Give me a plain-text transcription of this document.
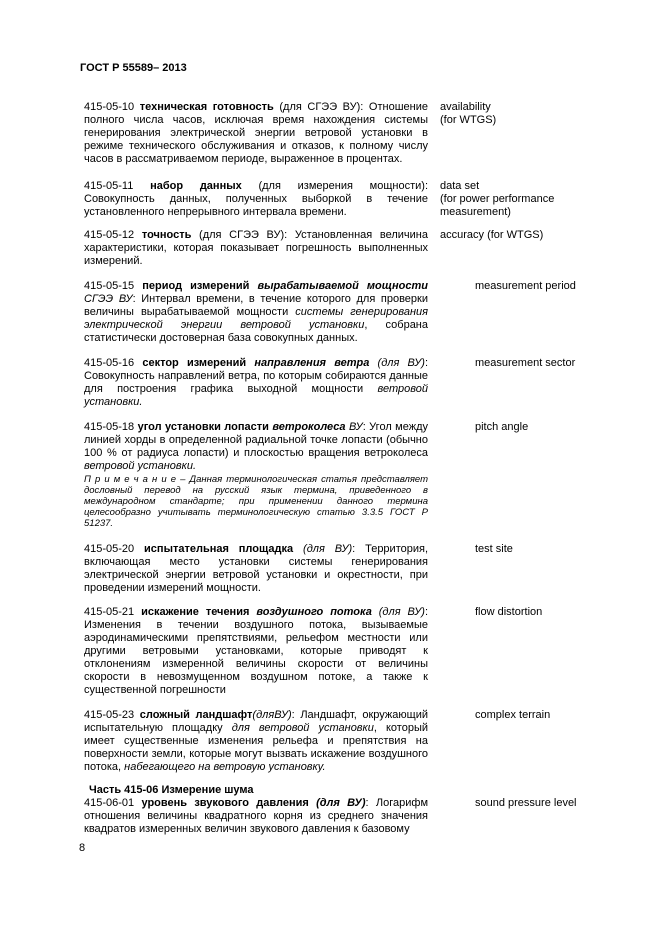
ГОСТ Р 55589– 2013
415-05-10 техническая готовность (для СГЭЭ ВУ): Отношение полного числа часов, исключая время нахождения системы генерирования электрической энергии ветровой установки в режиме технического обслуживания и отказов, к полному числу часов в рассматриваемом периоде, выраженное в процентах.
availability
(for WTGS)
415-05-11 набор данных (для измерения мощности): Совокупность данных, полученных выборкой в течение установленного непрерывного интервала времени.
data set
(for power performance
measurement)
415-05-12 точность (для СГЭЭ ВУ): Установленная величина характеристики, которая показывает погрешность выполненных измерений.
accuracy (for WTGS)
415-05-15 период измерений вырабатываемой мощности СГЭЭ ВУ: Интервал времени, в течение которого для проверки величины вырабатываемой мощности системы генерирования электрической энергии ветровой установки, собрана статистически достоверная база совокупных данных.
measurement period
415-05-16 сектор измерений направления ветра (для ВУ): Совокупность направлений ветра, по которым собираются данные для построения графика выходной мощности ветровой установки.
measurement sector
415-05-18 угол установки лопасти ветроколеса ВУ: Угол между линией хорды в определенной радиальной точке лопасти (обычно 100 % от радиуса лопасти) и плоскостью вращения ветроколеса ветровой установки.
П р и м е ч а н и е – Данная терминологическая статья представляет дословный перевод на русский язык термина, приведенного в международном стандарте; при применении данного термина целесообразно учитывать терминологическую статью 3.3.5 ГОСТ Р 51237.
pitch angle
415-05-20 испытательная площадка (для ВУ): Территория, включающая место установки системы генерирования электрической энергии ветровой установки и окрестности, при проведении измерений мощности.
test site
415-05-21 искажение течения воздушного потока (для ВУ): Изменения в течении воздушного потока, вызываемые аэродинамическими препятствиями, рельефом местности или другими ветровыми установками, которые приводят к отклонениям измеренной величины скорости от величины скорости в невозмущенном воздушном потоке, а также к существенной погрешности
flow distortion
415-05-23 сложный ландшафт(дляВУ): Ландшафт, окружающий испытательную площадку для ветровой установки, который имеет существенные изменения рельефа и препятствия на поверхности земли, которые могут вызвать искажение воздушного потока, набегающего на ветровую установку.
complex terrain
Часть 415-06 Измерение шума
415-06-01 уровень звукового давления (для ВУ): Логарифм отношения величины квадратного корня из среднего значения квадратов измеренных величин звукового давления к базовому
sound pressure level
8
